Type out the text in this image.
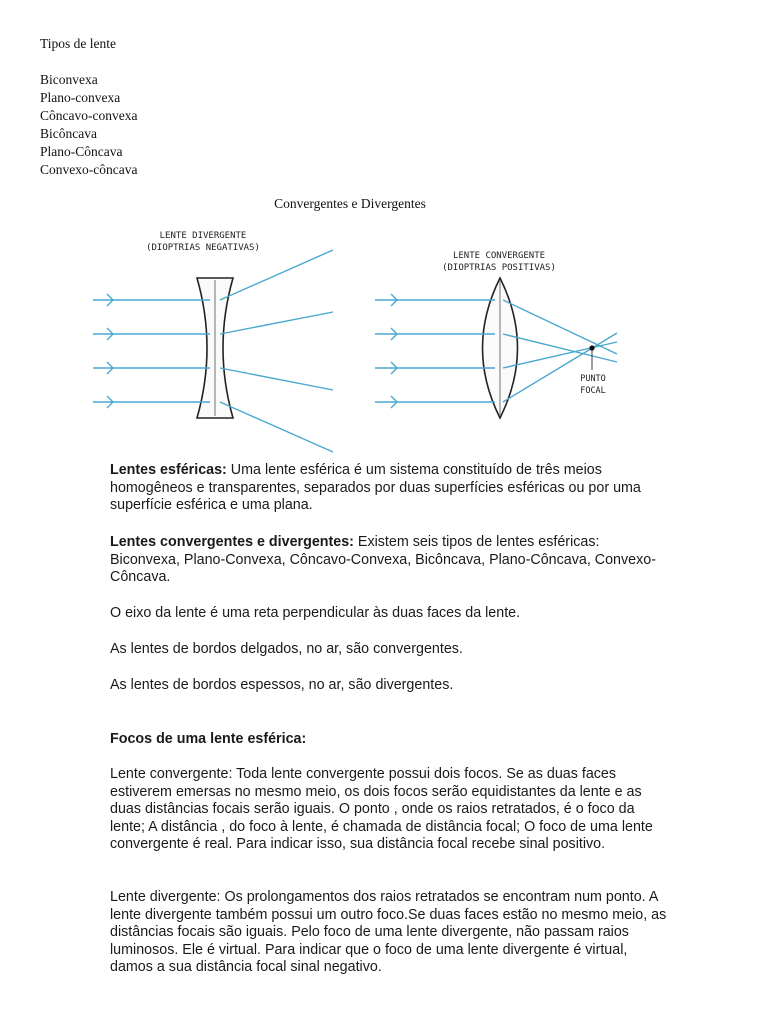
Tipos de lente
Biconvexa
Plano-convexa
Côncavo-convexa
Bicôncava
Plano-Côncava
Convexo-côncava
Convergentes e Divergentes
LENTE DIVERGENTE
(DIOPTRIAS NEGATIVAS)
LENTE CONVERGENTE
(DIOPTRIAS POSITIVAS)
PUNTO
FOCAL

Lentes esféricas: Uma lente esférica é um sistema constituído de três meios homogêneos e transparentes, separados por duas superfícies esféricas ou por uma superfície esférica e uma plana.

Lentes convergentes e divergentes: Existem seis tipos de lentes esféricas: Biconvexa, Plano-Convexa, Côncavo-Convexa, Bicôncava, Plano-Côncava, Convexo-Côncava.

O eixo da lente é uma reta perpendicular às duas faces da lente.

As lentes de bordos delgados, no ar, são convergentes.

As lentes de bordos espessos, no ar, são divergentes.

Focos de uma lente esférica:

Lente convergente: Toda lente convergente possui dois focos. Se as duas faces estiverem emersas no mesmo meio, os dois focos serão equidistantes da lente e as duas distâncias focais serão iguais. O ponto , onde os raios retratados, é o foco da lente; A distância , do foco à lente, é chamada de distância focal; O foco de uma lente convergente é real. Para indicar isso, sua distância focal recebe sinal positivo.

Lente divergente: Os prolongamentos dos raios retratados se encontram num ponto. A lente divergente também possui um outro foco.Se duas faces estão no mesmo meio, as distâncias focais são iguais. Pelo foco de uma lente divergente, não passam raios luminosos. Ele é virtual. Para indicar que o foco de uma lente divergente é virtual, damos a sua distância focal sinal negativo.
